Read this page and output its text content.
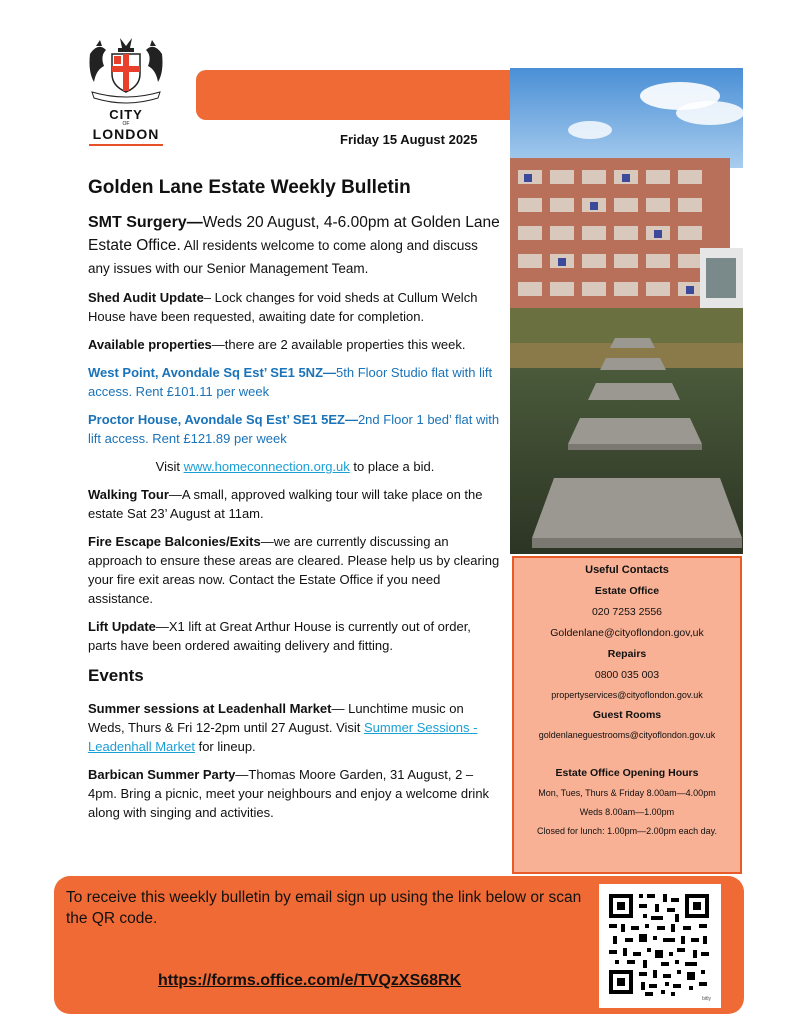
CITY
OF
LONDON	Friday 15 August 2025
Golden Lane Estate Weekly Bulletin

SMT Surgery—Weds 20 August, 4-6.00pm at Golden Lane Estate Office. All residents welcome to come along and discuss any issues with our Senior Management Team.

Shed Audit Update– Lock changes for void sheds at Cullum Welch House have been requested, awaiting date for completion.

Available properties—there are 2 available properties this week.

West Point, Avondale Sq Est’ SE1 5NZ—5th Floor Studio flat with lift access. Rent £101.11 per week

Proctor House, Avondale Sq Est’ SE1 5EZ—2nd Floor 1 bed’ flat with lift access. Rent £121.89 per week

Visit www.homeconnection.org.uk to place a bid.

Walking Tour—A small, approved walking tour will take place on the estate Sat 23’ August at 11am.

Fire Escape Balconies/Exits—we are currently discussing an approach to ensure these areas are cleared. Please help us by clearing your fire exit areas now. Contact the Estate Office if you need assistance.

Lift Update—X1 lift at Great Arthur House is currently out of order, parts have been ordered awaiting delivery and fitting.

Events

Summer sessions at Leadenhall Market— Lunchtime music on Weds, Thurs & Fri 12-2pm until 27 August. Visit Summer Sessions - Leadenhall Market for lineup.

Barbican Summer Party—Thomas Moore Garden, 31 August, 2 –4pm. Bring a picnic, meet your neighbours and enjoy a welcome drink along with singing and activities.

Useful Contacts
Estate Office
020 7253 2556
Goldenlane@cityoflondon.gov,uk
Repairs
0800 035 003
propertyservices@cityoflondon.gov.uk
Guest Rooms
goldenlaneguestrooms@cityoflondon.gov.uk
Estate Office Opening Hours
Mon, Tues, Thurs & Friday 8.00am—4.00pm
Weds 8.00am—1.00pm
Closed for lunch: 1.00pm—2.00pm each day.
To receive this weekly bulletin by email sign up using the link below or scan the QR code.
https://forms.office.com/e/TVQzXS68RK
bitly
